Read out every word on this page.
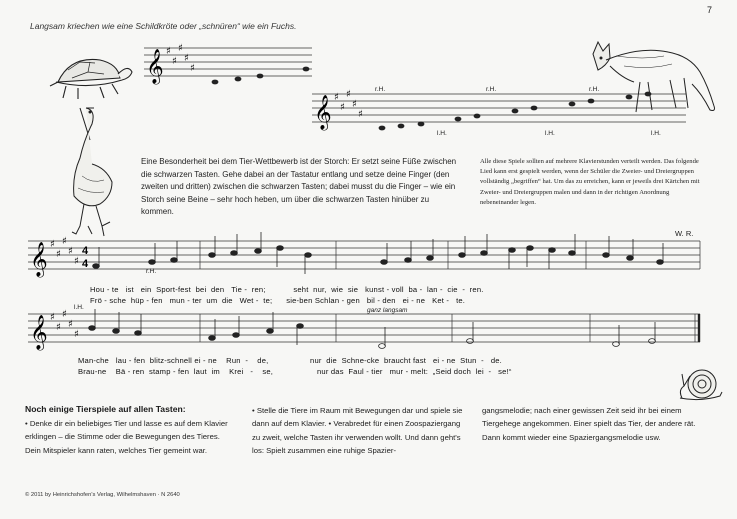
7
Langsam kriechen wie eine Schildkröte oder „schnüren“ wie ein Fuchs.
𝄞 ♯
♯
♯
♯
♯
𝄞 ♯
♯
♯
♯
♯
𝄞 ♯
♯
♯
♯
♯
4
4
𝄞 ♯
♯
♯
♯
♯
r.H.	r.H.	r.H.
l.H.	l.H.	l.H.
r.H.
l.H.
Eine Besonderheit bei dem Tier-Wettbewerb ist der Storch: Er setzt seine Füße zwischen die schwarzen Tasten. Gehe dabei an der Tastatur entlang und setze deine Finger (den zweiten und dritten) zwischen die schwarzen Tasten; dabei musst du die Finger – wie ein Storch seine Beine – sehr hoch heben, um über die schwarzen Tasten hinüber zu kommen.
Alle diese Spiele sollten auf mehrere Klavierstunden verteilt werden. Das folgende Lied kann erst gespielt werden, wenn der Schüler die Zweier- und Dreiergruppen vollständig „begriffen“ hat. Um das zu erreichen, kann er jeweils drei Kärtchen mit Zweier- und Dreiergruppen malen und dann in der richtigen Anordnung nebeneinander legen.
W. R.
ganz langsam
Hou - te ist ein Sport-fest bei den Tie -  ren;	seht nur, wie sie kunst - voll ba -  lan -  cie  -  ren.
Frö - sche hüp - fen mun - ter um die Wet -  te; sie-ben Schlan - gen bil - den ei - ne Ket -   te.
Man-che lau - fen blitz-schnell ei - ne Run  -    de,	nur die Schne-cke braucht fast ei - ne Stun  -   de.
Brau-ne Bä - ren stamp - fen laut im Krei   -    se,	nur das Faul - tier mur - melt: „Seid doch lei  -   se!“
Noch einige Tierspiele auf allen Tasten:
• Denke dir ein beliebiges Tier und lasse es auf dem Klavier erklingen – die Stimme oder die Bewegungen des Tieres. Dein Mitspieler kann raten, welches Tier gemeint war.
• Stelle die Tiere im Raum mit Bewegungen dar und spiele sie dann auf dem Klavier. • Verabredet für einen Zoospaziergang zu zweit, welche Tasten ihr verwenden wollt. Und dann geht's los: Spielt zusammen eine ruhige Spazier-
gangsmelodie; nach einer gewissen Zeit seid ihr bei einem Tiergehege angekommen. Einer spielt das Tier, der andere rät. Dann kommt wieder eine Spaziergangsmelodie usw.
© 2011 by Heinrichshofen's Verlag, Wilhelmshaven · N 2640
